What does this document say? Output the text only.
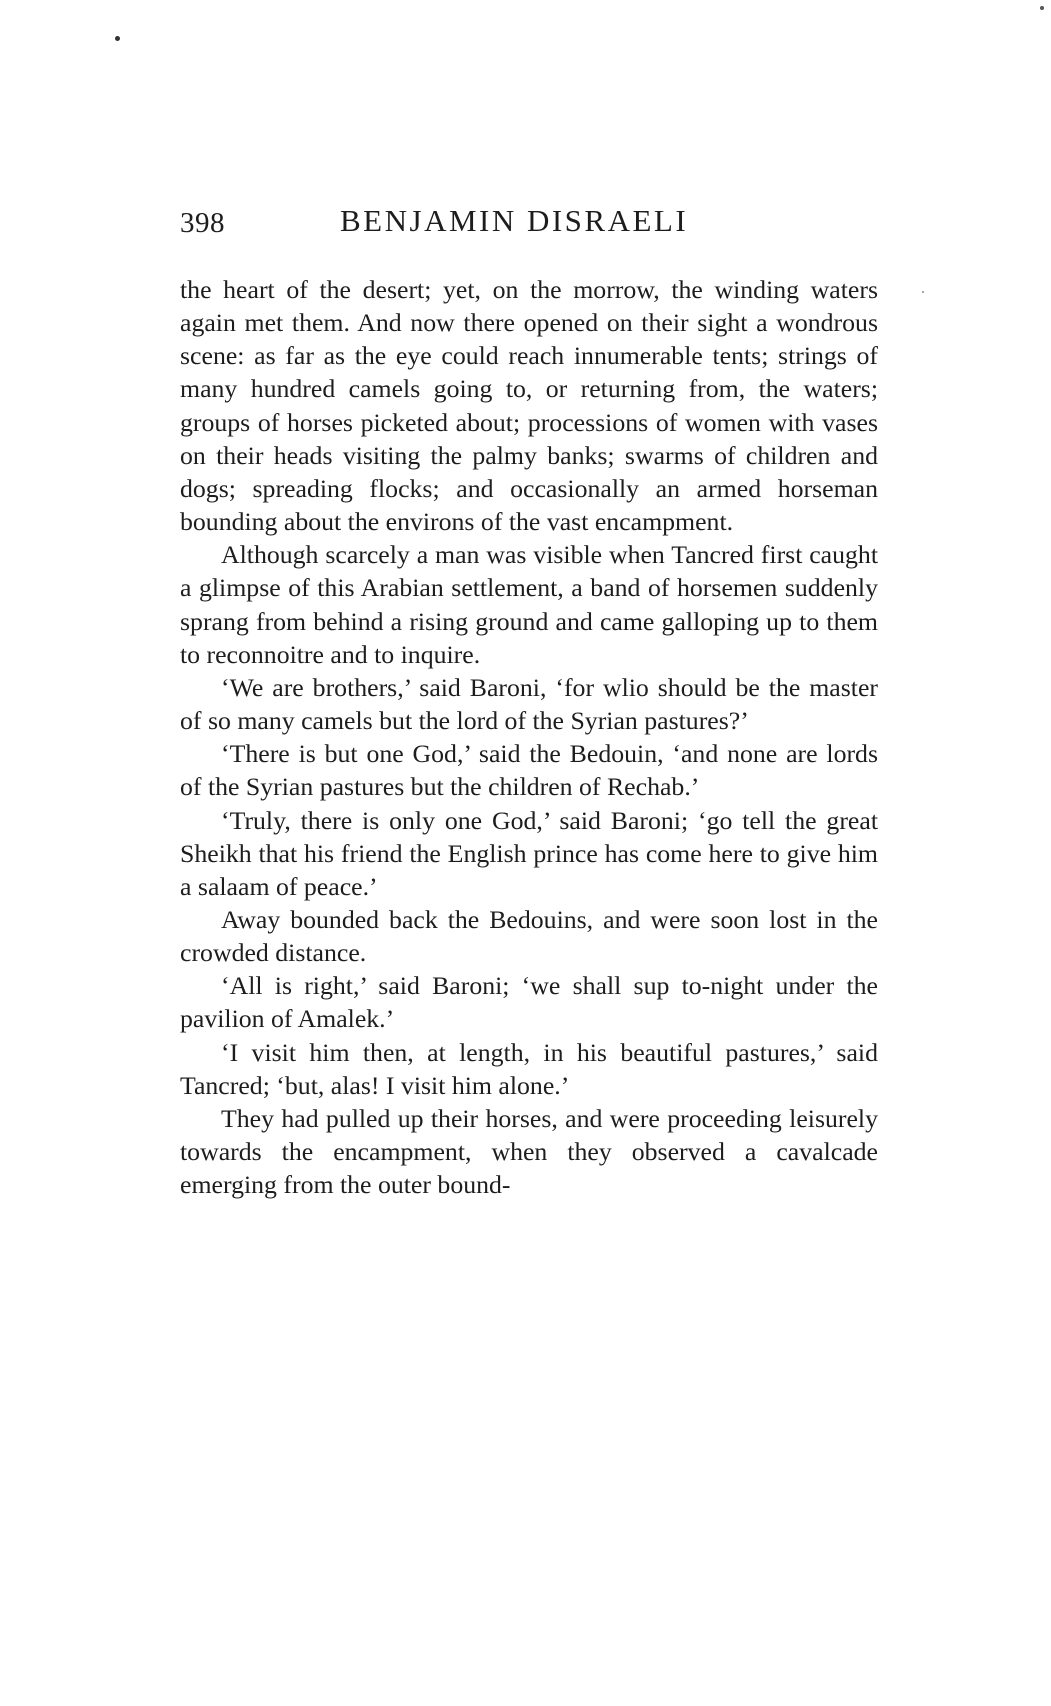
398	BENJAMIN DISRAELI

the heart of the desert; yet, on the morrow, the winding waters again met them. And now there opened on their sight a wondrous scene: as far as the eye could reach innumerable tents; strings of many hundred camels going to, or returning from, the waters; groups of horses picketed about; processions of women with vases on their heads visiting the palmy banks; swarms of children and dogs; spreading flocks; and occasionally an armed horseman bounding about the environs of the vast encampment.

Although scarcely a man was visible when Tancred first caught a glimpse of this Arabian settlement, a band of horsemen suddenly sprang from behind a rising ground and came galloping up to them to reconnoitre and to inquire.

‘We are brothers,’ said Baroni, ‘for wlio should be the master of so many camels but the lord of the Syrian pastures?’

‘There is but one God,’ said the Bedouin, ‘and none are lords of the Syrian pastures but the children of Rechab.’

‘Truly, there is only one God,’ said Baroni; ‘go tell the great Sheikh that his friend the English prince has come here to give him a salaam of peace.’

Away bounded back the Bedouins, and were soon lost in the crowded distance.

‘All is right,’ said Baroni; ‘we shall sup to-night under the pavilion of Amalek.’

‘I visit him then, at length, in his beautiful pastures,’ said Tancred; ‘but, alas! I visit him alone.’

They had pulled up their horses, and were proceeding leisurely towards the encampment, when they observed a cavalcade emerging from the outer bound-
